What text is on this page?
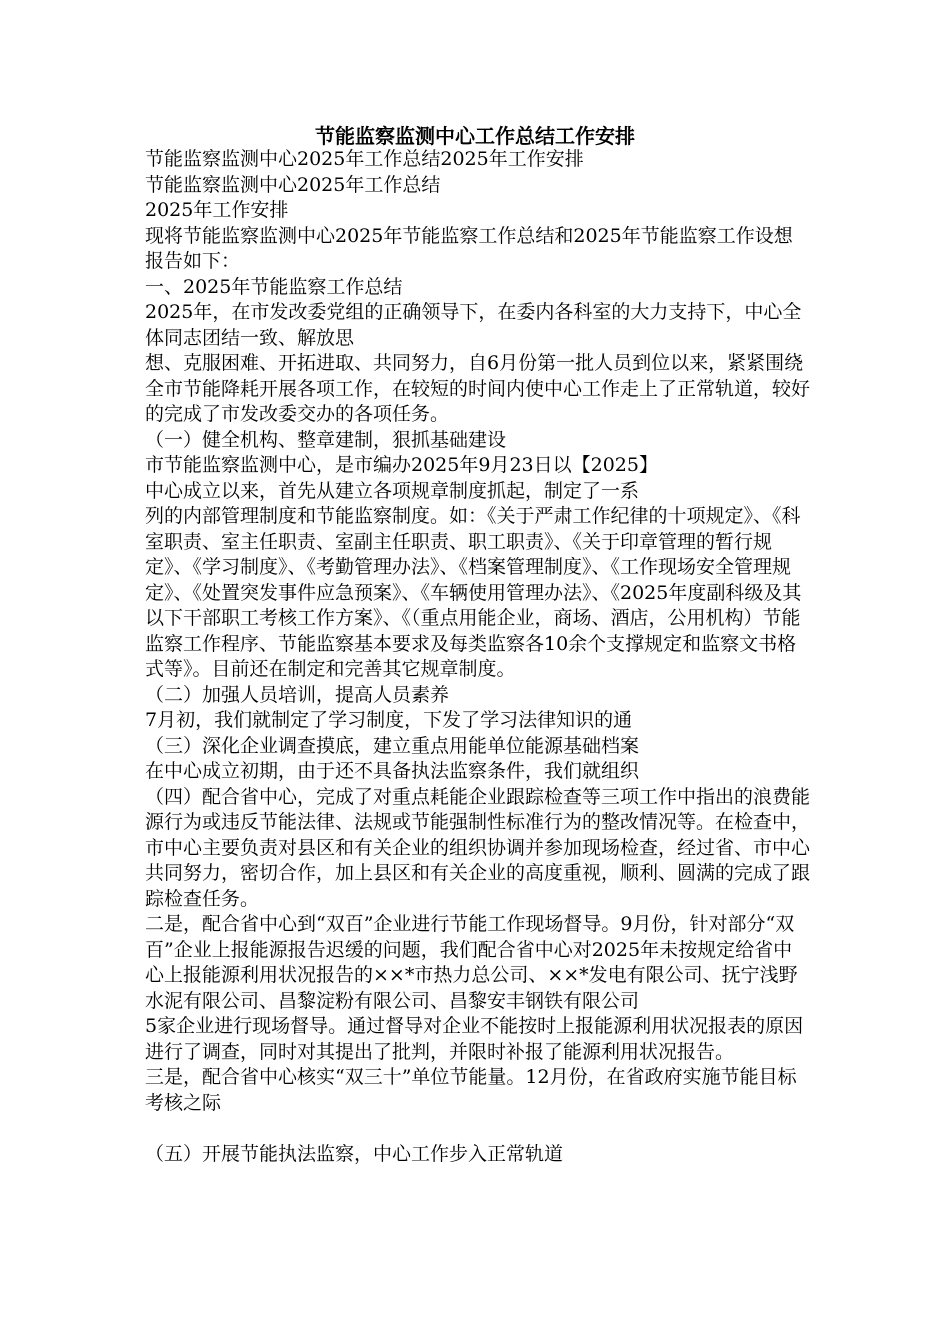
节能监察监测中心工作总结工作安排

节能监察监测中心2025年工作总结2025年工作安排

节能监察监测中心2025年工作总结

2025年工作安排

现将节能监察监测中心2025年节能监察工作总结和2025年节能监察工作设想报告如下：

一、2025年节能监察工作总结

2025年，在市发改委党组的正确领导下，在委内各科室的大力支持下，中心全体同志团结一致、解放思

想、克服困难、开拓进取、共同努力，自6月份第一批人员到位以来，紧紧围绕全市节能降耗开展各项工作，在较短的时间内使中心工作走上了正常轨道，较好的完成了市发改委交办的各项任务。

（一）健全机构、整章建制，狠抓基础建设

市节能监察监测中心，是市编办2025年9月23日以【2025】

中心成立以来，首先从建立各项规章制度抓起，制定了一系

列的内部管理制度和节能监察制度。如：《关于严肃工作纪律的十项规定》、《科室职责、室主任职责、室副主任职责、职工职责》、《关于印章管理的暂行规定》、《学习制度》、《考勤管理办法》、《档案管理制度》、《工作现场安全管理规定》、《处置突发事件应急预案》、《车辆使用管理办法》、《2025年度副科级及其以下干部职工考核工作方案》、《（重点用能企业，商场、酒店，公用机构）节能监察工作程序、节能监察基本要求及每类监察各10余个支撑规定和监察文书格式等》。目前还在制定和完善其它规章制度。

（二）加强人员培训，提高人员素养

7月初，我们就制定了学习制度，下发了学习法律知识的通

（三）深化企业调查摸底，建立重点用能单位能源基础档案

在中心成立初期，由于还不具备执法监察条件，我们就组织

（四）配合省中心，完成了对重点耗能企业跟踪检查等三项工作中指出的浪费能源行为或违反节能法律、法规或节能强制性标准行为的整改情况等。在检查中，市中心主要负责对县区和有关企业的组织协调并参加现场检查，经过省、市中心共同努力，密切合作，加上县区和有关企业的高度重视，顺利、圆满的完成了跟踪检查任务。

二是，配合省中心到“双百”企业进行节能工作现场督导。9月份，针对部分“双百”企业上报能源报告迟缓的问题，我们配合省中心对2025年未按规定给省中心上报能源利用状况报告的××*市热力总公司、××*发电有限公司、抚宁浅野水泥有限公司、昌黎淀粉有限公司、昌黎安丰钢铁有限公司

5家企业进行现场督导。通过督导对企业不能按时上报能源利用状况报表的原因进行了调查，同时对其提出了批判，并限时补报了能源利用状况报告。

三是，配合省中心核实“双三十”单位节能量。12月份，在省政府实施节能目标考核之际

（五）开展节能执法监察，中心工作步入正常轨道
